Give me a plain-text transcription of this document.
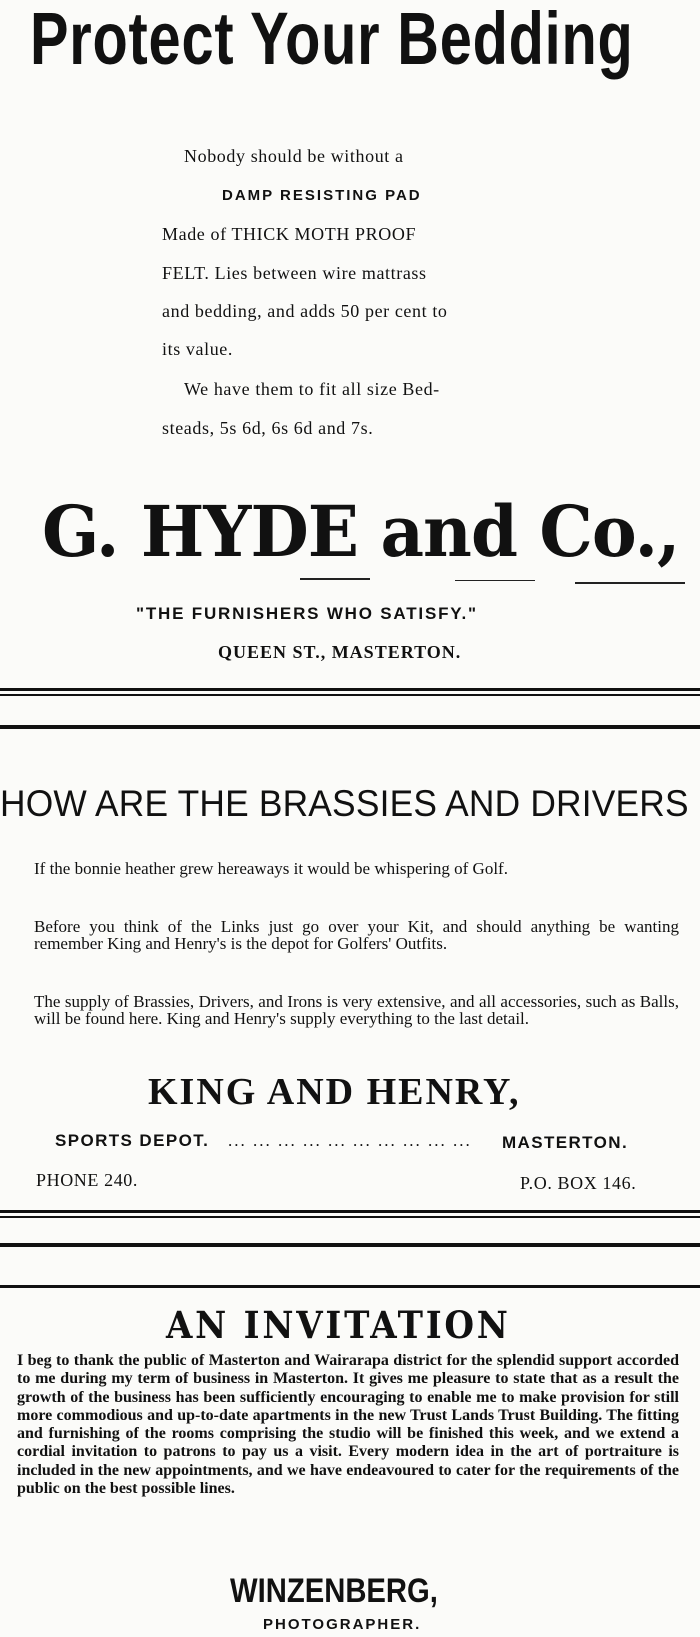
Protect Your Bedding
Nobody should be without a
DAMP RESISTING PAD
Made of THICK MOTH PROOF
FELT. Lies between wire mattrass
and bedding, and adds 50 per cent to
its value.
We have them to fit all size Bed-
steads, 5s 6d, 6s 6d and 7s.
G. HYDE and Co.,
"THE FURNISHERS WHO SATISFY."
QUEEN ST., MASTERTON.
HOW ARE THE BRASSIES AND DRIVERS
If the bonnie heather grew hereaways it would be whispering of Golf.
Before you think of the Links just go over your Kit, and should anything be wanting remember King and Henry's is the depot for Golfers' Outfits.
The supply of Brassies, Drivers, and Irons is very extensive, and all accessories, such as Balls, will be found here. King and Henry's supply everything to the last detail.
KING AND HENRY,
SPORTS DEPOT. ... ... ... ... ... ... ... ... ... ... MASTERTON.
PHONE 240.	P.O. BOX 146.
AN INVITATION
I beg to thank the public of Masterton and Wairarapa district for the splendid support accorded to me during my term of business in Masterton. It gives me pleasure to state that as a result the growth of the business has been sufficiently encouraging to enable me to make provision for still more commodious and up-to-date apartments in the new Trust Lands Trust Building. The fitting and furnishing of the rooms comprising the studio will be finished this week, and we extend a cordial invitation to patrons to pay us a visit. Every modern idea in the art of portraiture is included in the new appointments, and we have endeavoured to cater for the requirements of the public on the best possible lines.
WINZENBERG,
PHOTOGRAPHER.
